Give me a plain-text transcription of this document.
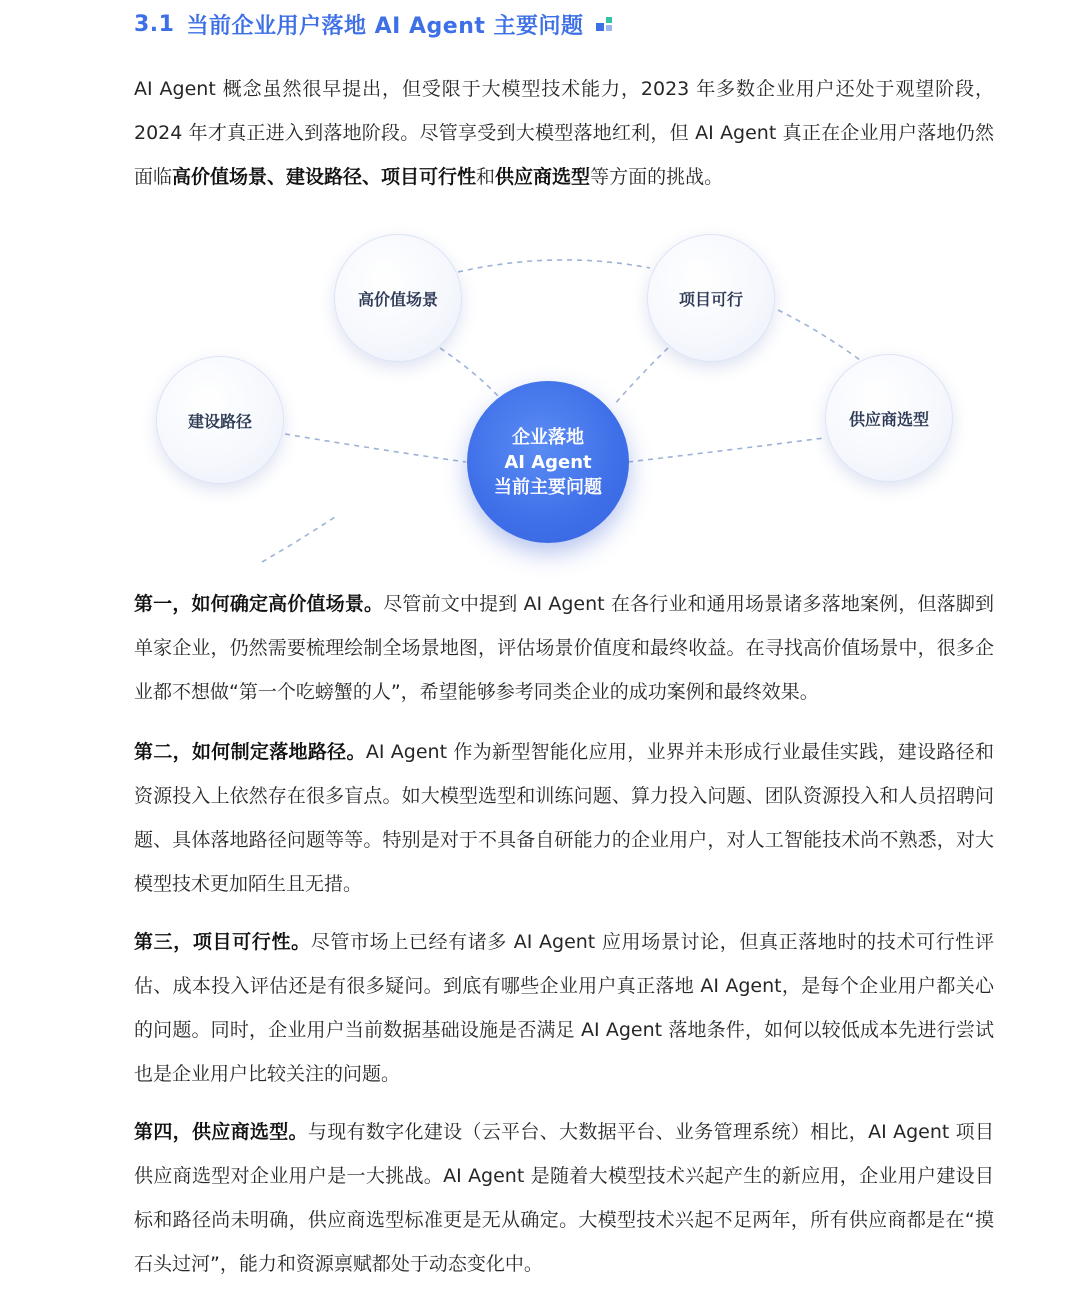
3.1 当前企业用户落地 AI Agent 主要问题

AI Agent 概念虽然很早提出，但受限于大模型技术能力，2023 年多数企业用户还处于观望阶段，2024 年才真正进入到落地阶段。尽管享受到大模型落地红利，但 AI Agent 真正在企业用户落地仍然面临高价值场景、建设路径、项目可行性和供应商选型等方面的挑战。

高价值场景	项目可行
建设路径	供应商选型
企业落地
AI Agent
当前主要问题

第一，如何确定高价值场景。尽管前文中提到 AI Agent 在各行业和通用场景诸多落地案例，但落脚到单家企业，仍然需要梳理绘制全场景地图，评估场景价值度和最终收益。在寻找高价值场景中，很多企业都不想做“第一个吃螃蟹的人”，希望能够参考同类企业的成功案例和最终效果。

第二，如何制定落地路径。AI Agent 作为新型智能化应用，业界并未形成行业最佳实践，建设路径和资源投入上依然存在很多盲点。如大模型选型和训练问题、算力投入问题、团队资源投入和人员招聘问题、具体落地路径问题等等。特别是对于不具备自研能力的企业用户，对人工智能技术尚不熟悉，对大模型技术更加陌生且无措。

第三，项目可行性。尽管市场上已经有诸多 AI Agent 应用场景讨论，但真正落地时的技术可行性评估、成本投入评估还是有很多疑问。到底有哪些企业用户真正落地 AI Agent，是每个企业用户都关心的问题。同时，企业用户当前数据基础设施是否满足 AI Agent 落地条件，如何以较低成本先进行尝试也是企业用户比较关注的问题。

第四，供应商选型。与现有数字化建设（云平台、大数据平台、业务管理系统）相比，AI Agent 项目供应商选型对企业用户是一大挑战。AI Agent 是随着大模型技术兴起产生的新应用，企业用户建设目标和路径尚未明确，供应商选型标准更是无从确定。大模型技术兴起不足两年，所有供应商都是在“摸石头过河”，能力和资源禀赋都处于动态变化中。
